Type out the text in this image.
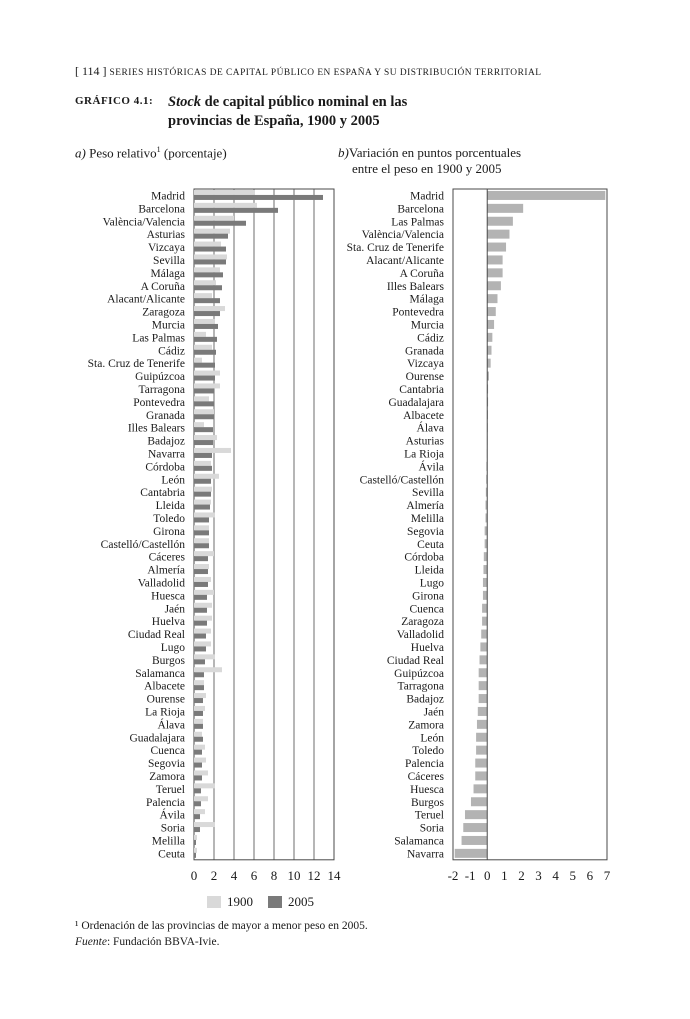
[ 114 ] SERIES HISTÓRICAS DE CAPITAL PÚBLICO EN ESPAÑA Y SU DISTRIBUCIÓN TERRITORIAL
GRÁFICO 4.1: Stock de capital público nominal en las
provincias de España, 1900 y 2005
a) Peso relativo$^1$ (porcentaje)	b)Variación en puntos porcentuales
entre el peso en 1900 y 2005
0 2 4 6 8 10 12 14
Madrid
Barcelona
València/Valencia
Asturias
Vizcaya
Sevilla
Málaga
A Coruña
Alacant/Alicante
Zaragoza
Murcia
Las Palmas
Cádiz
Sta. Cruz de Tenerife
Guipúzcoa
Tarragona
Pontevedra
Granada
Illes Balears
Badajoz
Navarra
Córdoba
León
Cantabria
Lleida
Toledo
Girona
Castelló/Castellón
Cáceres
Almería
Valladolid
Huesca
Jaén
Huelva
Ciudad Real
Lugo
Burgos
Salamanca
Albacete
Ourense
La Rioja
Álava
Guadalajara
Cuenca
Segovia
Zamora
Teruel
Palencia
Ávila
Soria
Melilla
Ceuta
-2 -1 0 1 2 3 4 5 6 7
Madrid
Barcelona
Las Palmas
València/Valencia
Sta. Cruz de Tenerife
Alacant/Alicante
A Coruña
Illes Balears
Málaga
Pontevedra
Murcia
Cádiz
Granada
Vizcaya
Ourense
Cantabria
Guadalajara
Albacete
Álava
Asturias
La Rioja
Ávila
Castelló/Castellón
Sevilla
Almería
Melilla
Segovia
Ceuta
Córdoba
Lleida
Lugo
Girona
Cuenca
Zaragoza
Valladolid
Huelva
Ciudad Real
Guipúzcoa
Tarragona
Badajoz
Jaén
Zamora
León
Toledo
Palencia
Cáceres
Huesca
Burgos
Teruel
Soria
Salamanca
Navarra
1900	2005
¹ Ordenación de las provincias de mayor a menor peso en 2005.
Fuente: Fundación BBVA-Ivie.
